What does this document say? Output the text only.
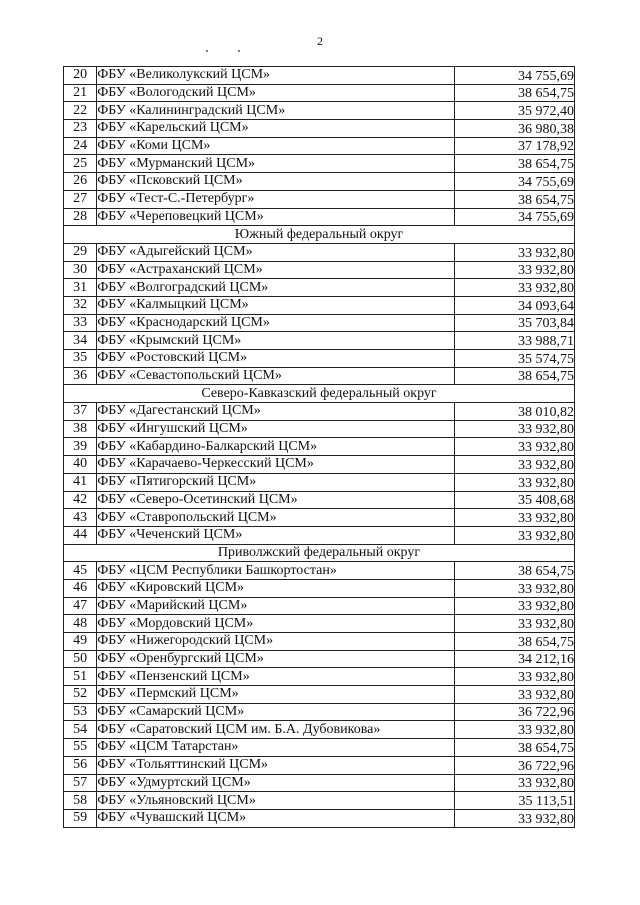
2
20	ФБУ «Великолукский ЦСМ»	34 755,69
21	ФБУ «Вологодский ЦСМ»	38 654,75
22	ФБУ «Калининградский ЦСМ»	35 972,40
23	ФБУ «Карельский ЦСМ»	36 980,38
24	ФБУ «Коми ЦСМ»	37 178,92
25	ФБУ «Мурманский ЦСМ»	38 654,75
26	ФБУ «Псковский ЦСМ»	34 755,69
27	ФБУ «Тест-С.-Петербург»	38 654,75
28	ФБУ «Череповецкий ЦСМ»	34 755,69
Южный федеральный округ		
29	ФБУ «Адыгейский ЦСМ»	33 932,80
30	ФБУ «Астраханский ЦСМ»	33 932,80
31	ФБУ «Волгоградский ЦСМ»	33 932,80
32	ФБУ «Калмыцкий ЦСМ»	34 093,64
33	ФБУ «Краснодарский ЦСМ»	35 703,84
34	ФБУ «Крымский ЦСМ»	33 988,71
35	ФБУ «Ростовский ЦСМ»	35 574,75
36	ФБУ «Севастопольский ЦСМ»	38 654,75
Северо-Кавказский федеральный округ		
37	ФБУ «Дагестанский ЦСМ»	38 010,82
38	ФБУ «Ингушский ЦСМ»	33 932,80
39	ФБУ «Кабардино-Балкарский ЦСМ»	33 932,80
40	ФБУ «Карачаево-Черкесский ЦСМ»	33 932,80
41	ФБУ «Пятигорский ЦСМ»	33 932,80
42	ФБУ «Северо-Осетинский ЦСМ»	35 408,68
43	ФБУ «Ставропольский ЦСМ»	33 932,80
44	ФБУ «Чеченский ЦСМ»	33 932,80
Приволжский федеральный округ		
45	ФБУ «ЦСМ Республики Башкортостан»	38 654,75
46	ФБУ «Кировский ЦСМ»	33 932,80
47	ФБУ «Марийский ЦСМ»	33 932,80
48	ФБУ «Мордовский ЦСМ»	33 932,80
49	ФБУ «Нижегородский ЦСМ»	38 654,75
50	ФБУ «Оренбургский ЦСМ»	34 212,16
51	ФБУ «Пензенский ЦСМ»	33 932,80
52	ФБУ «Пермский ЦСМ»	33 932,80
53	ФБУ «Самарский ЦСМ»	36 722,96
54	ФБУ «Саратовский ЦСМ им. Б.А. Дубовикова»	33 932,80
55	ФБУ «ЦСМ Татарстан»	38 654,75
56	ФБУ «Тольяттинский ЦСМ»	36 722,96
57	ФБУ «Удмуртский ЦСМ»	33 932,80
58	ФБУ «Ульяновский ЦСМ»	35 113,51
59	ФБУ «Чувашский ЦСМ»	33 932,80
